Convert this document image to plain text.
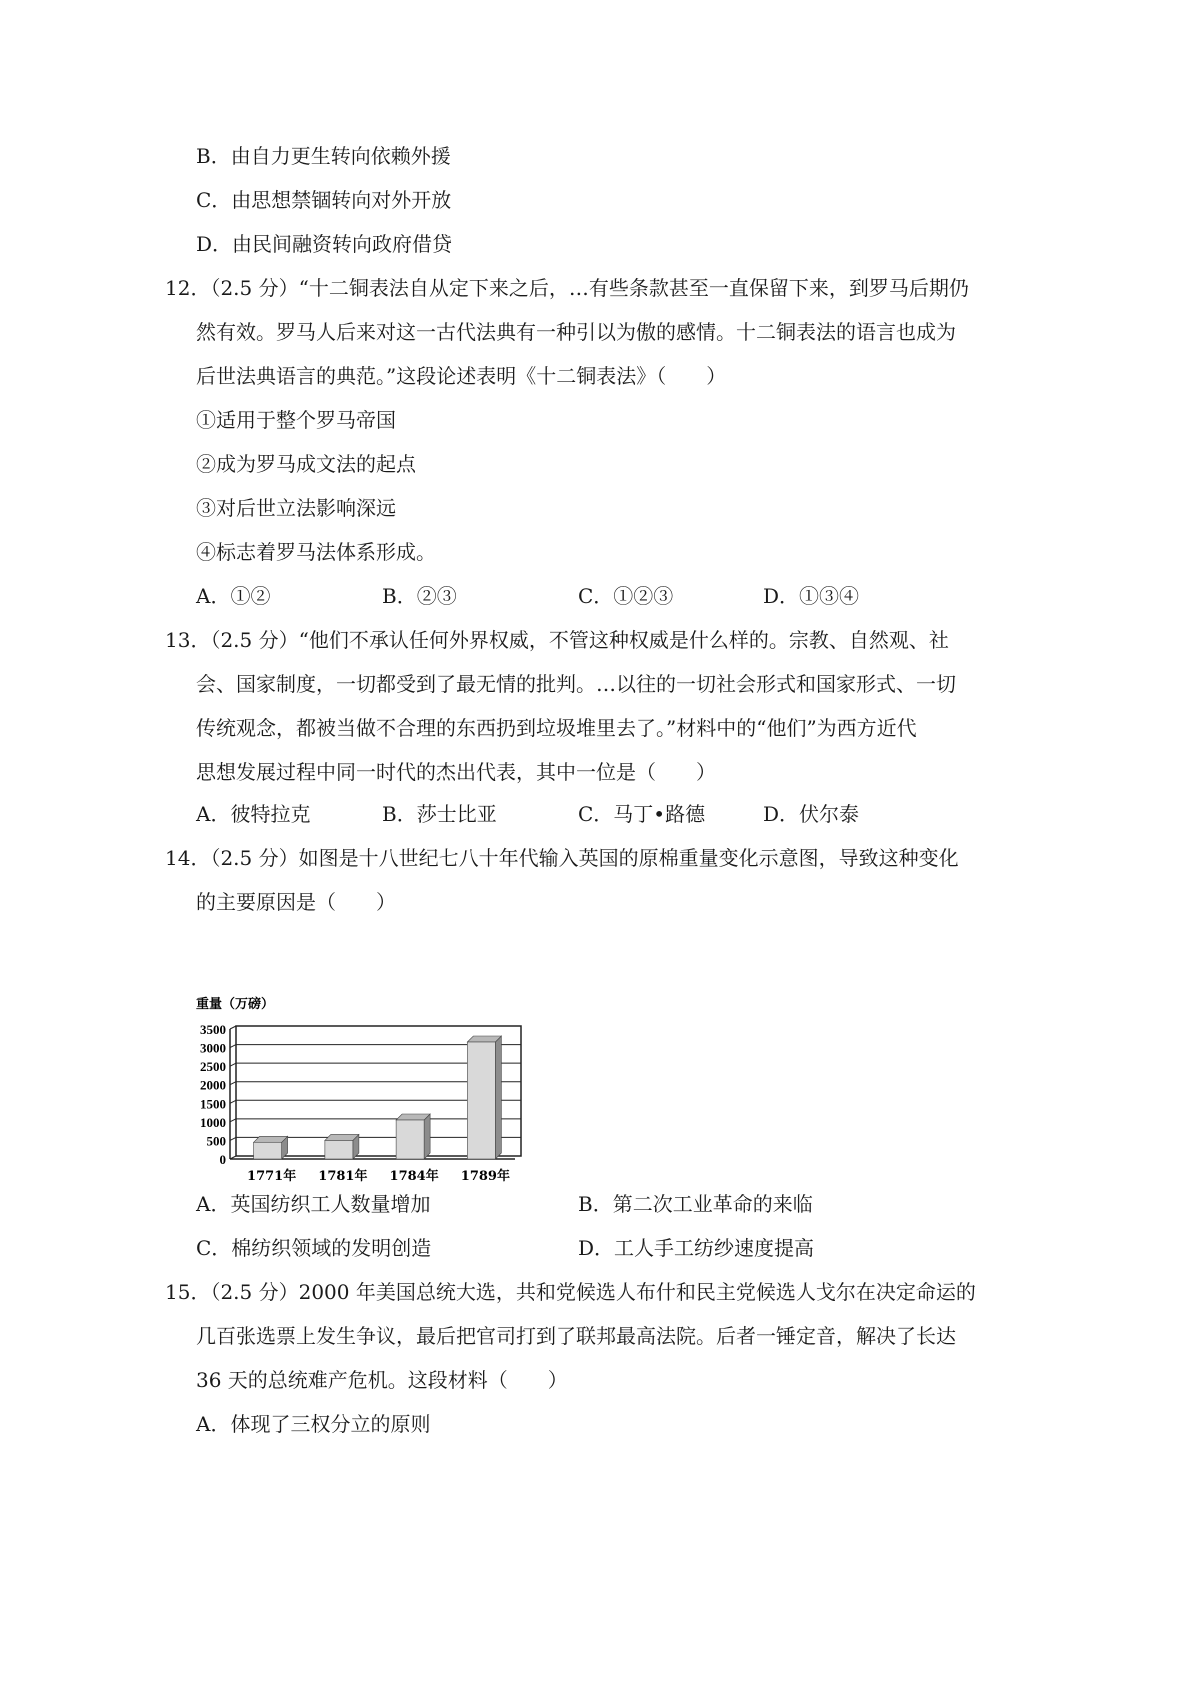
B．由自力更生转向依赖外援
C．由思想禁锢转向对外开放
D．由民间融资转向政府借贷
12．（2.5 分）“十二铜表法自从定下来之后，…有些条款甚至一直保留下来，到罗马后期仍
然有效。罗马人后来对这一古代法典有一种引以为傲的感情。十二铜表法的语言也成为
后世法典语言的典范。”这段论述表明《十二铜表法》（　　）
①适用于整个罗马帝国
②成为罗马成文法的起点
③对后世立法影响深远
④标志着罗马法体系形成。
A．①②	B．②③	C．①②③	D．①③④
13．（2.5 分）“他们不承认任何外界权威，不管这种权威是什么样的。宗教、自然观、社
会、国家制度，一切都受到了最无情的批判。…以往的一切社会形式和国家形式、一切
传统观念，都被当做不合理的东西扔到垃圾堆里去了。”材料中的“他们”为西方近代
思想发展过程中同一时代的杰出代表，其中一位是（　　）
A．彼特拉克	B．莎士比亚	C．马丁•路德	D．伏尔泰
14．（2.5 分）如图是十八世纪七八十年代输入英国的原棉重量变化示意图，导致这种变化
的主要原因是（　　）
重量（万磅）
0
500
1000
1500
2000
2500
3000
3500
1771年 1781年 1784年 1789年
A．英国纺织工人数量增加	B．第二次工业革命的来临
C．棉纺织领域的发明创造	D．工人手工纺纱速度提高
15．（2.5 分）2000 年美国总统大选，共和党候选人布什和民主党候选人戈尔在决定命运的
几百张选票上发生争议，最后把官司打到了联邦最高法院。后者一锤定音，解决了长达
36 天的总统难产危机。这段材料（　　）
A．体现了三权分立的原则
